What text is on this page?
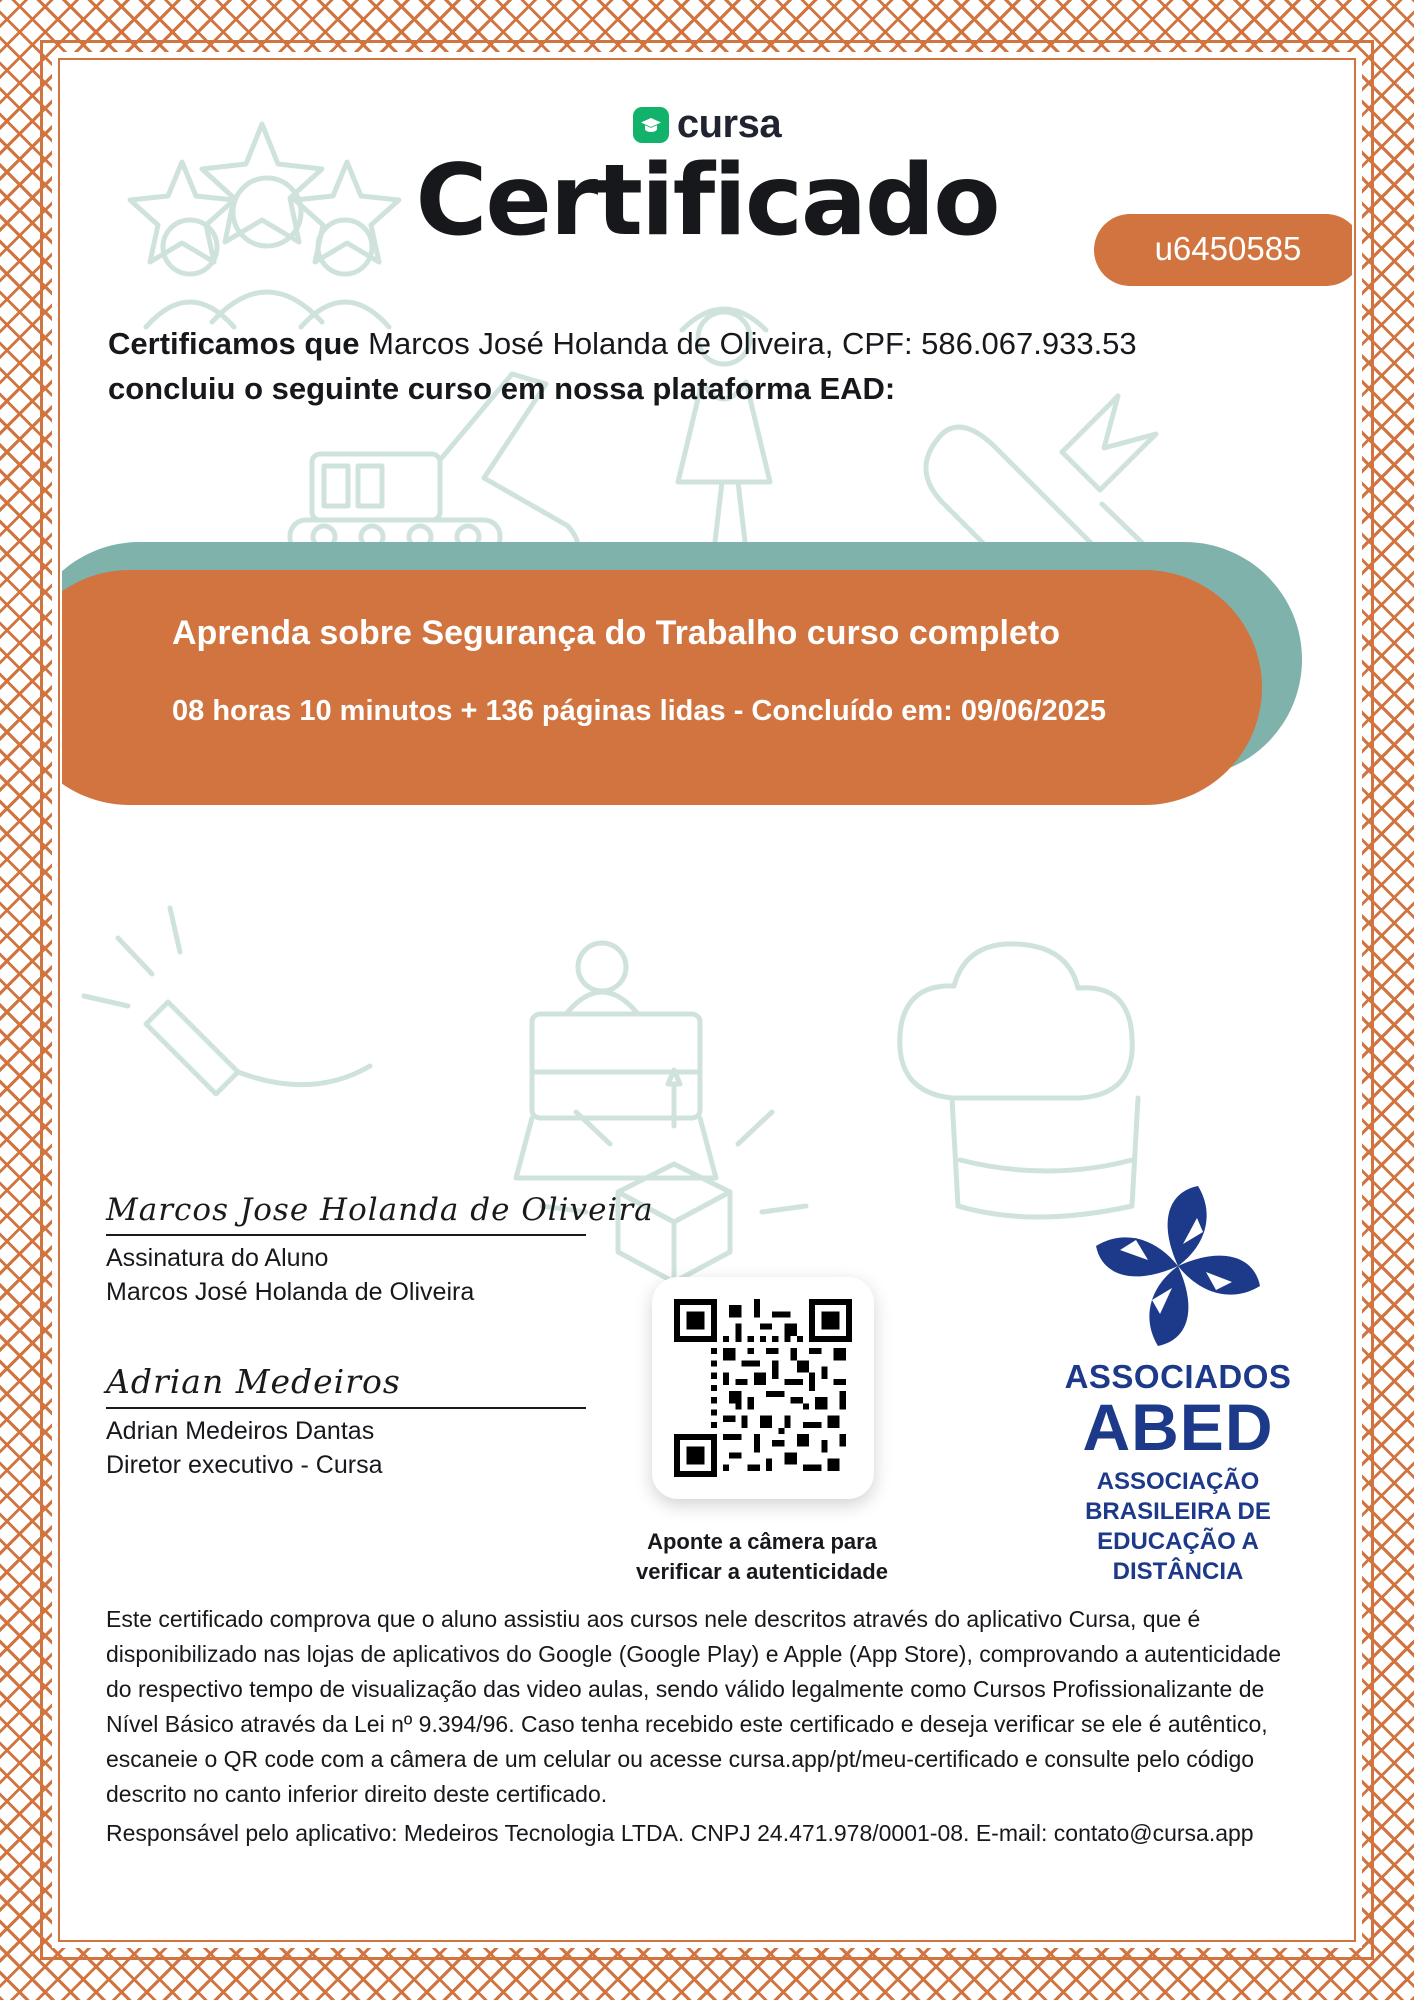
cursa
Certificado	u6450585
Certificamos que Marcos José Holanda de Oliveira, CPF: 586.067.933.53
concluiu o seguinte curso em nossa plataforma EAD:
Aprenda sobre Segurança do Trabalho curso completo
08 horas 10 minutos + 136 páginas lidas - Concluído em: 09/06/2025
Marcos Jose Holanda de Oliveira
Assinatura do Aluno
Marcos José Holanda de Oliveira
Adrian Medeiros
Adrian Medeiros Dantas
Diretor executivo - Cursa
Aponte a câmera para
verificar a autenticidade
ASSOCIADOS
ABED
ASSOCIAÇÃO
BRASILEIRA DE
EDUCAÇÃO A
DISTÂNCIA

Este certificado comprova que o aluno assistiu aos cursos nele descritos através do aplicativo Cursa, que é disponibilizado nas lojas de aplicativos do Google (Google Play) e Apple (App Store), comprovando a autenticidade do respectivo tempo de visualização das video aulas, sendo válido legalmente como Cursos Profissionalizante de Nível Básico através da Lei nº 9.394/96. Caso tenha recebido este certificado e deseja verificar se ele é autêntico, escaneie o QR code com a câmera de um celular ou acesse cursa.app/pt/meu-certificado e consulte pelo código descrito no canto inferior direito deste certificado.

Responsável pelo aplicativo: Medeiros Tecnologia LTDA. CNPJ 24.471.978/0001-08. E-mail: contato@cursa.app
